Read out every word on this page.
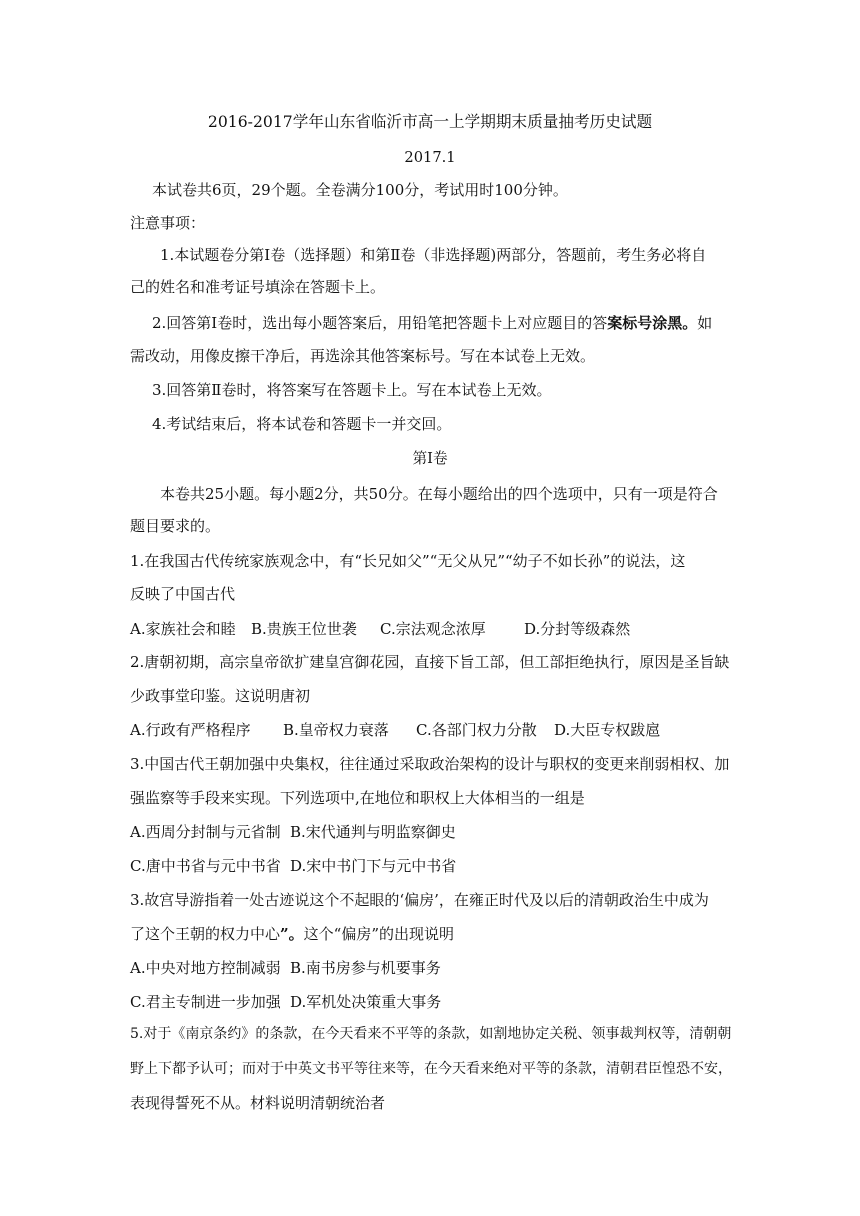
2016-2017学年山东省临沂市高一上学期期末质量抽考历史试题
2017.1
本试卷共6页，29个题。全卷满分100分，考试用时100分钟。
注意事项：
1.本试题卷分第Ⅰ卷（选择题）和第Ⅱ卷（非选择题)两部分，答题前，考生务必将自
己的姓名和准考证号填涂在答题卡上。
2.回答第Ⅰ卷时，选出每小题答案后，用铅笔把答题卡上对应题目的答案标号涂黑。如
需改动，用像皮擦干净后，再选涂其他答案标号。写在本试卷上无效。
3.回答第Ⅱ卷时，将答案写在答题卡上。写在本试卷上无效。
4.考试结束后，将本试卷和答题卡一并交回。
第Ⅰ卷
本卷共25小题。每小题2分，共50分。在每小题给出的四个选项中，只有一项是符合
题目要求的。
1.在我国古代传统家族观念中，有“长兄如父”“无父从兄”“幼子不如长孙”的说法，这
反映了中国古代
A.家族社会和睦 B.贵族王位世袭 C.宗法观念浓厚	D.分封等级森然
2.唐朝初期，高宗皇帝欲扩建皇宫御花园，直接下旨工部，但工部拒绝执行，原因是圣旨缺
少政事堂印鉴。这说明唐初
A.行政有严格程序 B.皇帝权力衰落 C.各部门权力分散 D.大臣专权跋扈
3.中国古代王朝加强中央集权，往往通过采取政治架构的设计与职权的变更来削弱相权、加
强监察等手段来实现。下列选项中,在地位和职权上大体相当的一组是
A.西周分封制与元省制 B.宋代通判与明监察御史
C.唐中书省与元中书省 D.宋中书门下与元中书省
3.故宫导游指着一处古迹说这个不起眼的‘偏房’，在雍正时代及以后的清朝政治生中成为
了这个王朝的权力中心”。这个“偏房”的出现说明
A.中央对地方控制减弱 B.南书房参与机要事务
C.君主专制进一步加强 D.军机处决策重大事务
5.对于《南京条约》的条款，在今天看来不平等的条款，如割地协定关税、领事裁判权等，清朝朝
野上下都予认可；而对于中英文书平等往来等，在今天看来绝对平等的条款，清朝君臣惶恐不安，
表现得誓死不从。材料说明清朝统治者
